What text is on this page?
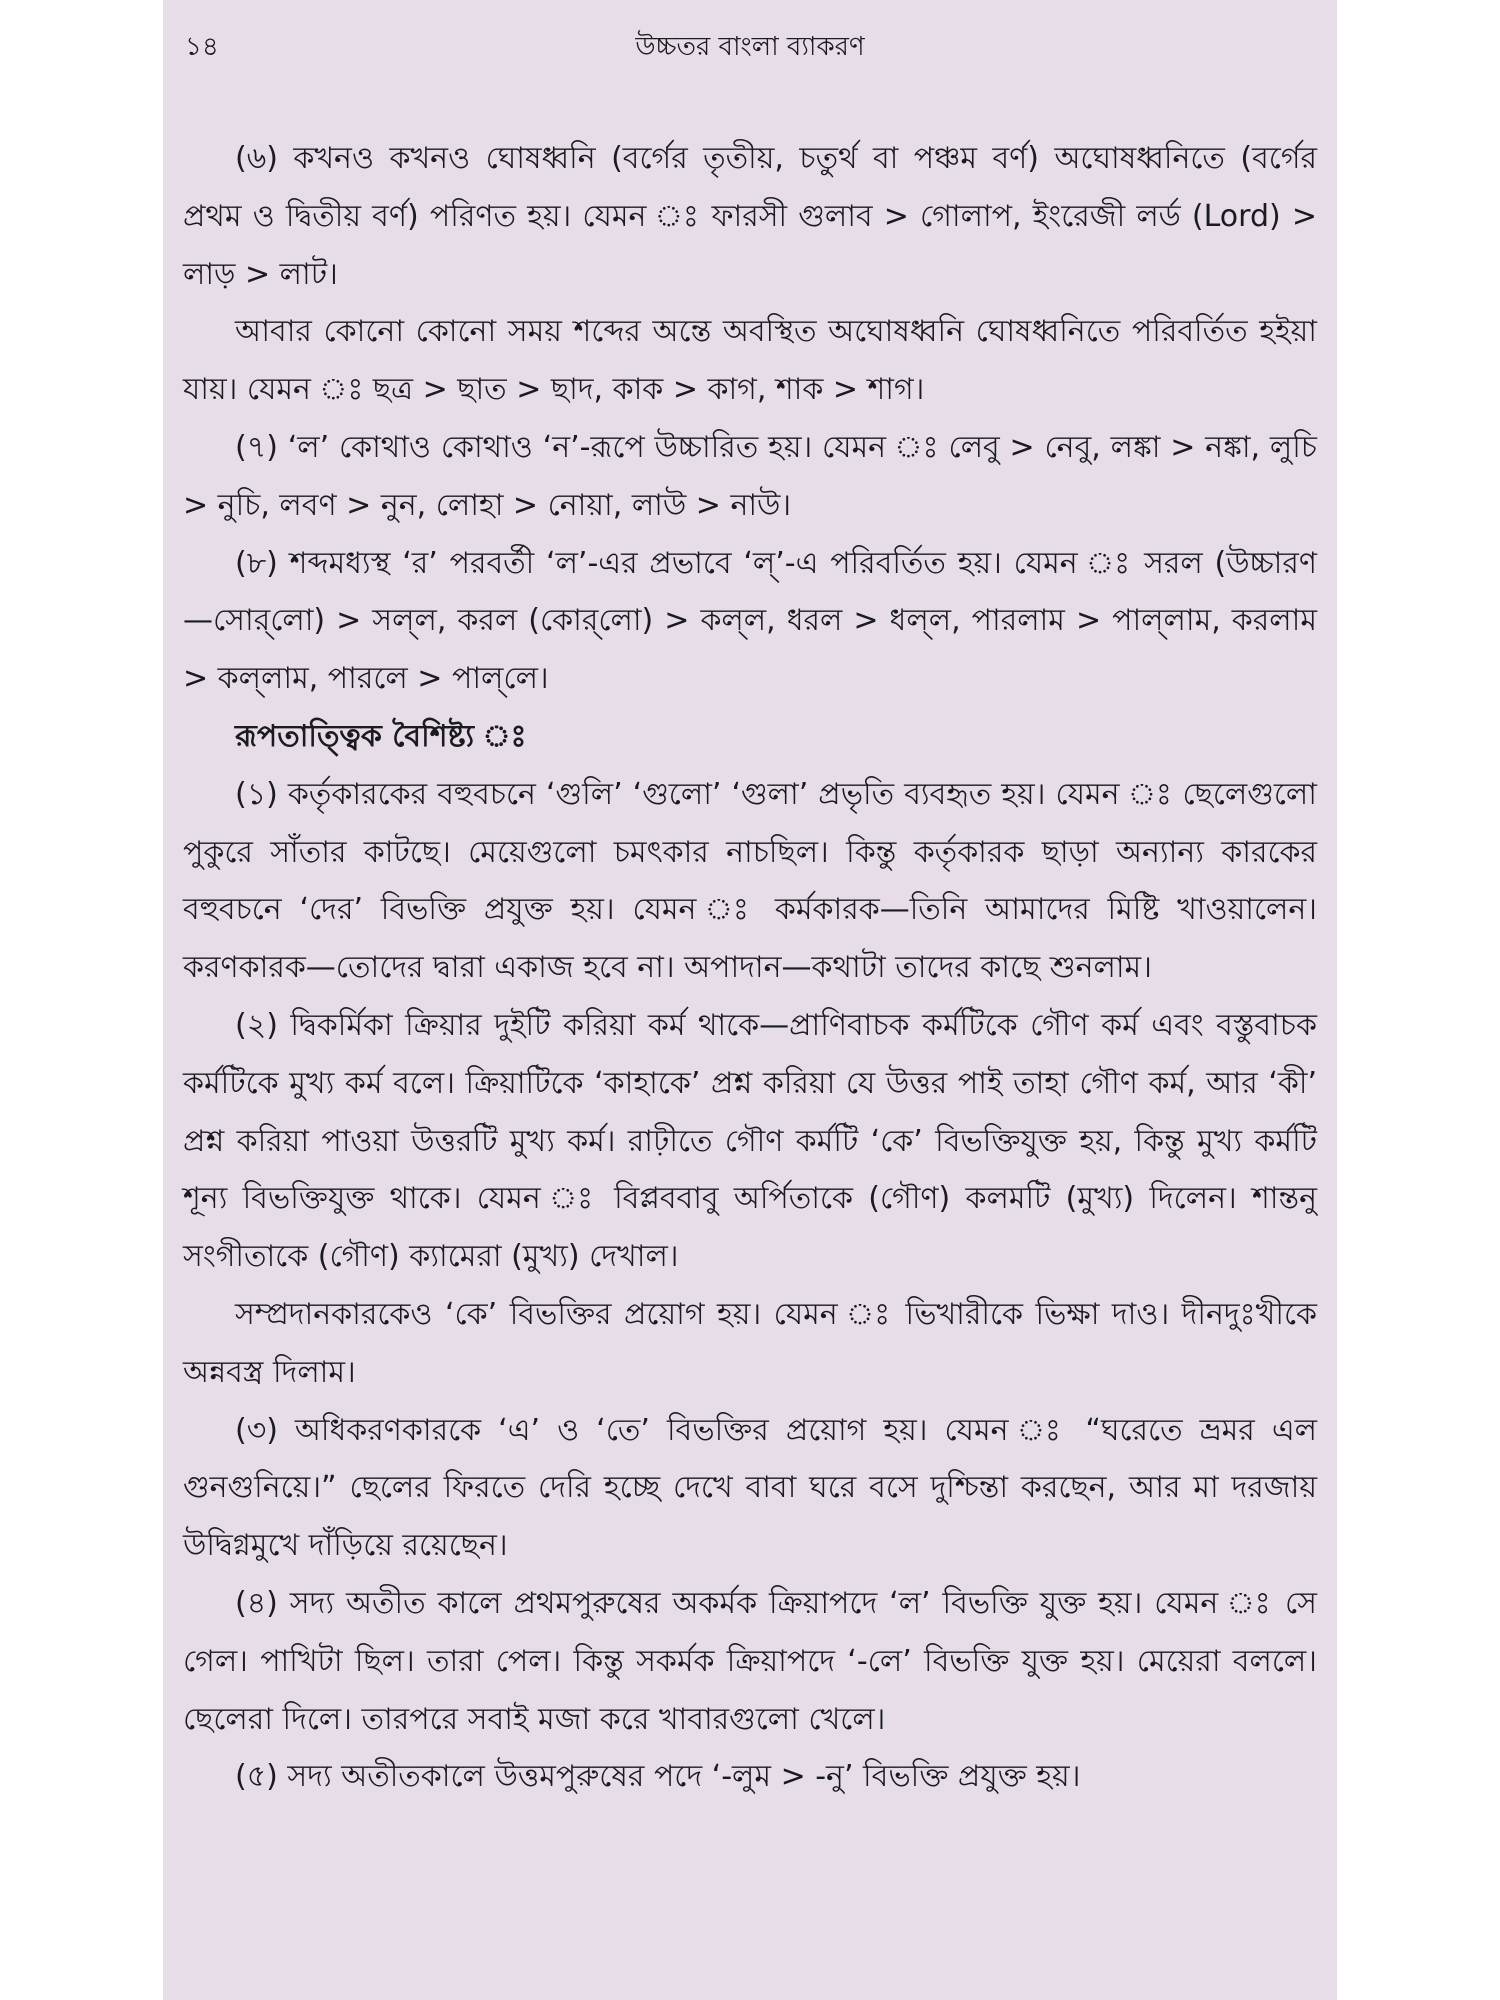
১৪	উচ্চতর বাংলা ব্যাকরণ

(৬) কখনও কখনও ঘোষধ্বনি (বর্গের তৃতীয়, চতুর্থ বা পঞ্চম বর্ণ) অঘোষধ্বনিতে (বর্গের প্রথম ও দ্বিতীয় বর্ণ) পরিণত হয়। যেমন ঃ ফারসী গুলাব > গোলাপ, ইংরেজী লর্ড (Lord) > লাড় > লাট।

আবার কোনো কোনো সময় শব্দের অন্তে অবস্থিত অঘোষধ্বনি ঘোষধ্বনিতে পরিবর্তিত হইয়া যায়। যেমন ঃ ছত্র > ছাত > ছাদ, কাক > কাগ, শাক > শাগ।

(৭) ‘ল’ কোথাও কোথাও ‘ন’-রূপে উচ্চারিত হয়। যেমন ঃ লেবু > নেবু, লঙ্কা > নঙ্কা, লুচি > নুচি, লবণ > নুন, লোহা > নোয়া, লাউ > নাউ।

(৮) শব্দমধ্যস্থ ‘র’ পরবর্তী ‘ল’-এর প্রভাবে ‘ল্’-এ পরিবর্তিত হয়। যেমন ঃ সরল (উচ্চারণ—সোর্‌লো) > সল্‌ল, করল (কোর্‌লো) > কল্‌ল, ধরল > ধল্‌ল, পারলাম > পাল্‌লাম, করলাম > কল্‌লাম, পারলে > পাল্‌লে।

রূপতাত্ত্বিক বৈশিষ্ট্য ঃ

(১) কর্তৃকারকের বহুবচনে ‘গুলি’ ‘গুলো’ ‘গুলা’ প্রভৃতি ব্যবহৃত হয়। যেমন ঃ ছেলেগুলো পুকুরে সাঁতার কাটছে। মেয়েগুলো চমৎকার নাচছিল। কিন্তু কর্তৃকারক ছাড়া অন্যান্য কারকের বহুবচনে ‘দের’ বিভক্তি প্রযুক্ত হয়। যেমন ঃ কর্মকারক—তিনি আমাদের মিষ্টি খাওয়ালেন। করণকারক—তোদের দ্বারা একাজ হবে না। অপাদান—কথাটা তাদের কাছে শুনলাম।

(২) দ্বিকর্মিকা ক্রিয়ার দুইটি করিয়া কর্ম থাকে—প্রাণিবাচক কর্মটিকে গৌণ কর্ম এবং বস্তুবাচক কর্মটিকে মুখ্য কর্ম বলে। ক্রিয়াটিকে ‘কাহাকে’ প্রশ্ন করিয়া যে উত্তর পাই তাহা গৌণ কর্ম, আর ‘কী’ প্রশ্ন করিয়া পাওয়া উত্তরটি মুখ্য কর্ম। রাঢ়ীতে গৌণ কর্মটি ‘কে’ বিভক্তিযুক্ত হয়, কিন্তু মুখ্য কর্মটি শূন্য বিভক্তিযুক্ত থাকে। যেমন ঃ বিপ্লববাবু অর্পিতাকে (গৌণ) কলমটি (মুখ্য) দিলেন। শান্তনু সংগীতাকে (গৌণ) ক্যামেরা (মুখ্য) দেখাল।

সম্প্রদানকারকেও ‘কে’ বিভক্তির প্রয়োগ হয়। যেমন ঃ ভিখারীকে ভিক্ষা দাও। দীনদুঃখীকে অন্নবস্ত্র দিলাম।

(৩) অধিকরণকারকে ‘এ’ ও ‘তে’ বিভক্তির প্রয়োগ হয়। যেমন ঃ “ঘরেতে ভ্রমর এল গুনগুনিয়ে।” ছেলের ফিরতে দেরি হচ্ছে দেখে বাবা ঘরে বসে দুশ্চিন্তা করছেন, আর মা দরজায় উদ্বিগ্নমুখে দাঁড়িয়ে রয়েছেন।

(৪) সদ্য অতীত কালে প্রথমপুরুষের অকর্মক ক্রিয়াপদে ‘ল’ বিভক্তি যুক্ত হয়। যেমন ঃ সে গেল। পাখিটা ছিল। তারা পেল। কিন্তু সকর্মক ক্রিয়াপদে ‘-লে’ বিভক্তি যুক্ত হয়। মেয়েরা বললে। ছেলেরা দিলে। তারপরে সবাই মজা করে খাবারগুলো খেলে।

(৫) সদ্য অতীতকালে উত্তমপুরুষের পদে ‘-লুম > -নু’ বিভক্তি প্রযুক্ত হয়।
